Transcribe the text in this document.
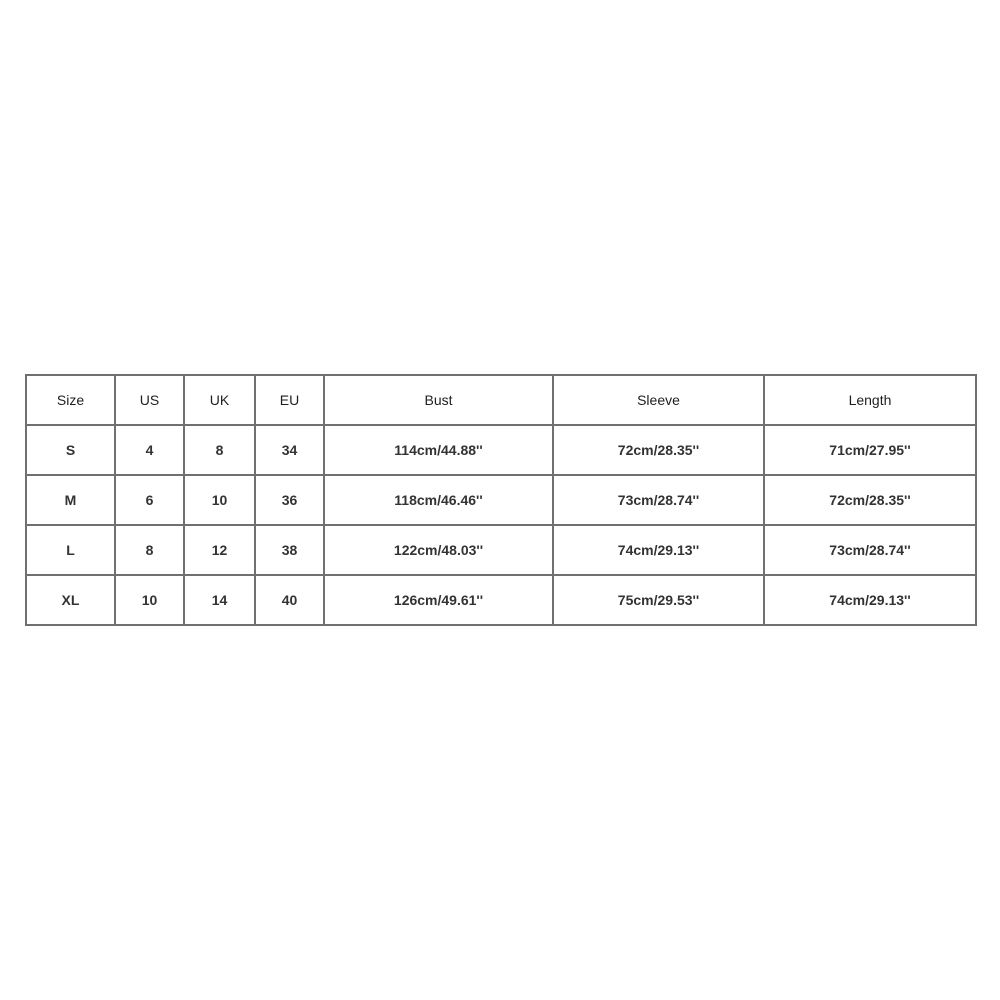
Size	US	UK	EU	Bust	Sleeve	Length
S	4	8	34	114cm/44.88''	72cm/28.35''	71cm/27.95''
M	6	10	36	118cm/46.46''	73cm/28.74''	72cm/28.35''
L	8	12	38	122cm/48.03''	74cm/29.13''	73cm/28.74''
XL	10	14	40	126cm/49.61''	75cm/29.53''	74cm/29.13''
